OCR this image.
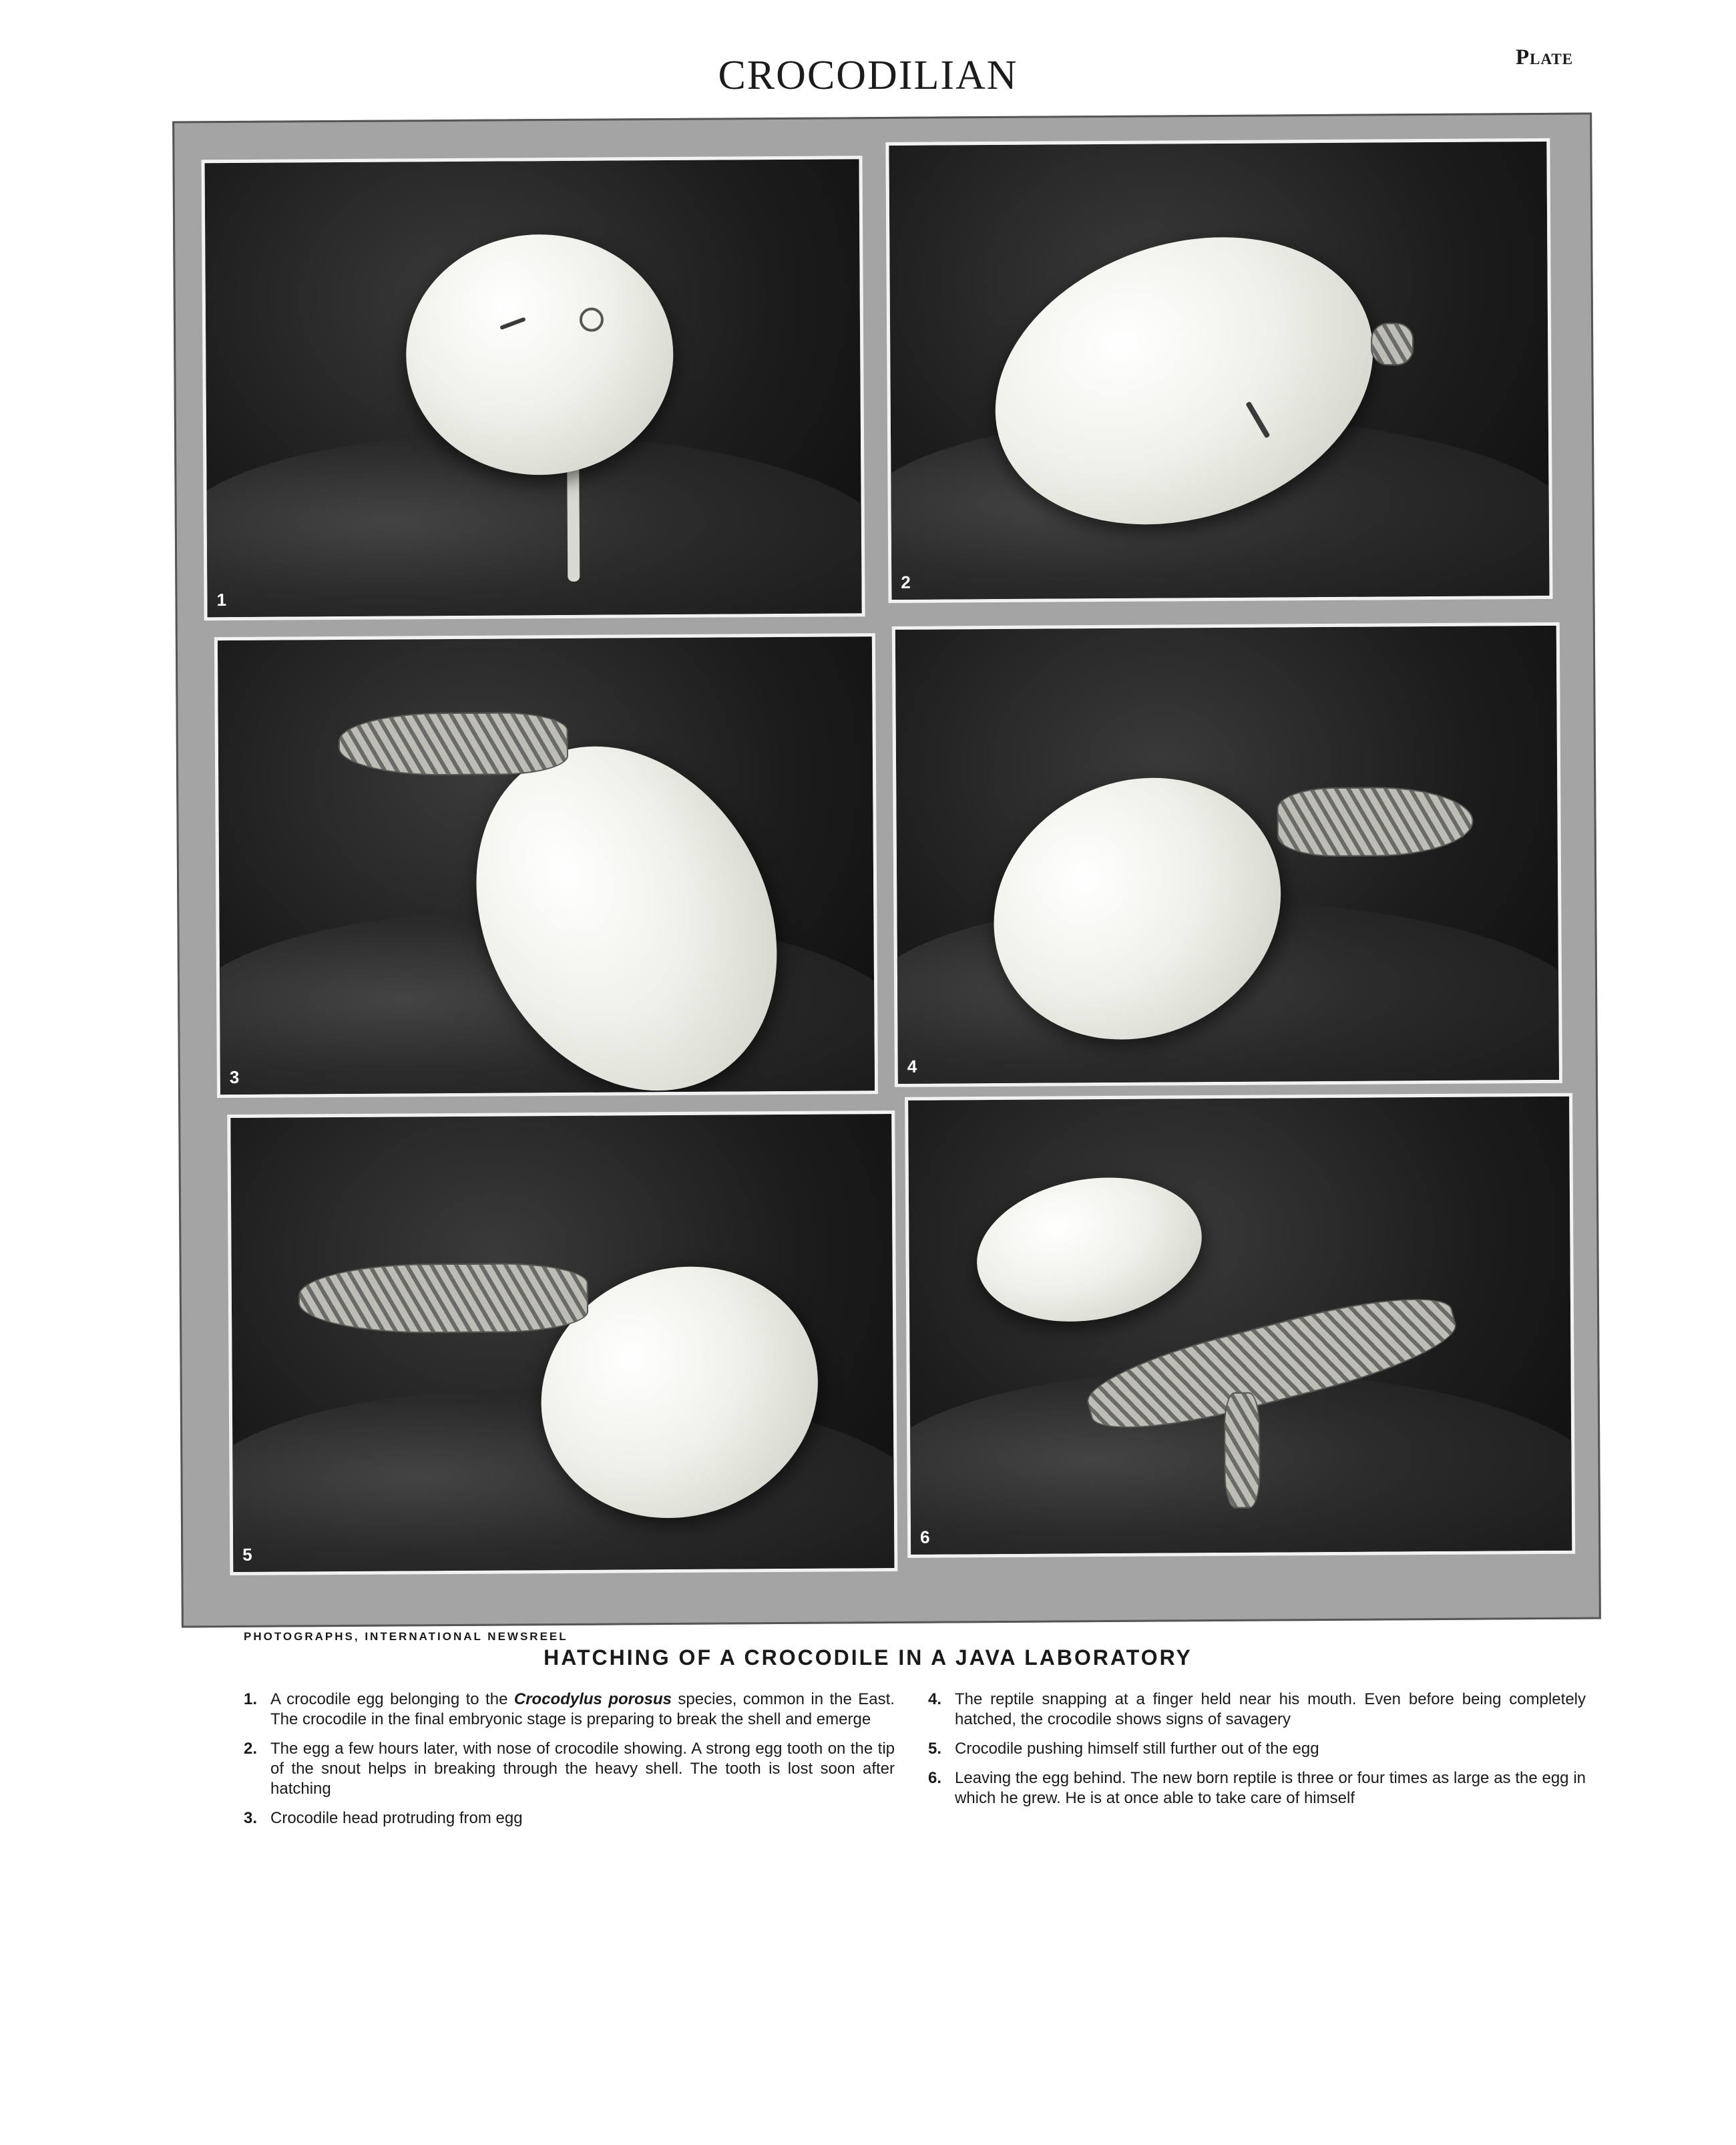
CROCODILIAN	Plate
1
2
3
4
5
6
PHOTOGRAPHS, INTERNATIONAL NEWSREEL
HATCHING OF A CROCODILE IN A JAVA LABORATORY
1. A crocodile egg belonging to the Crocodylus porosus species, common in the East. The crocodile in the final embryonic stage is preparing to break the shell and emerge
2. The egg a few hours later, with nose of crocodile showing. A strong egg tooth on the tip of the snout helps in breaking through the heavy shell. The tooth is lost soon after hatching
3. Crocodile head protruding from egg
4. The reptile snapping at a finger held near his mouth. Even before being completely hatched, the crocodile shows signs of savagery
5. Crocodile pushing himself still further out of the egg
6. Leaving the egg behind. The new born reptile is three or four times as large as the egg in which he grew. He is at once able to take care of himself
